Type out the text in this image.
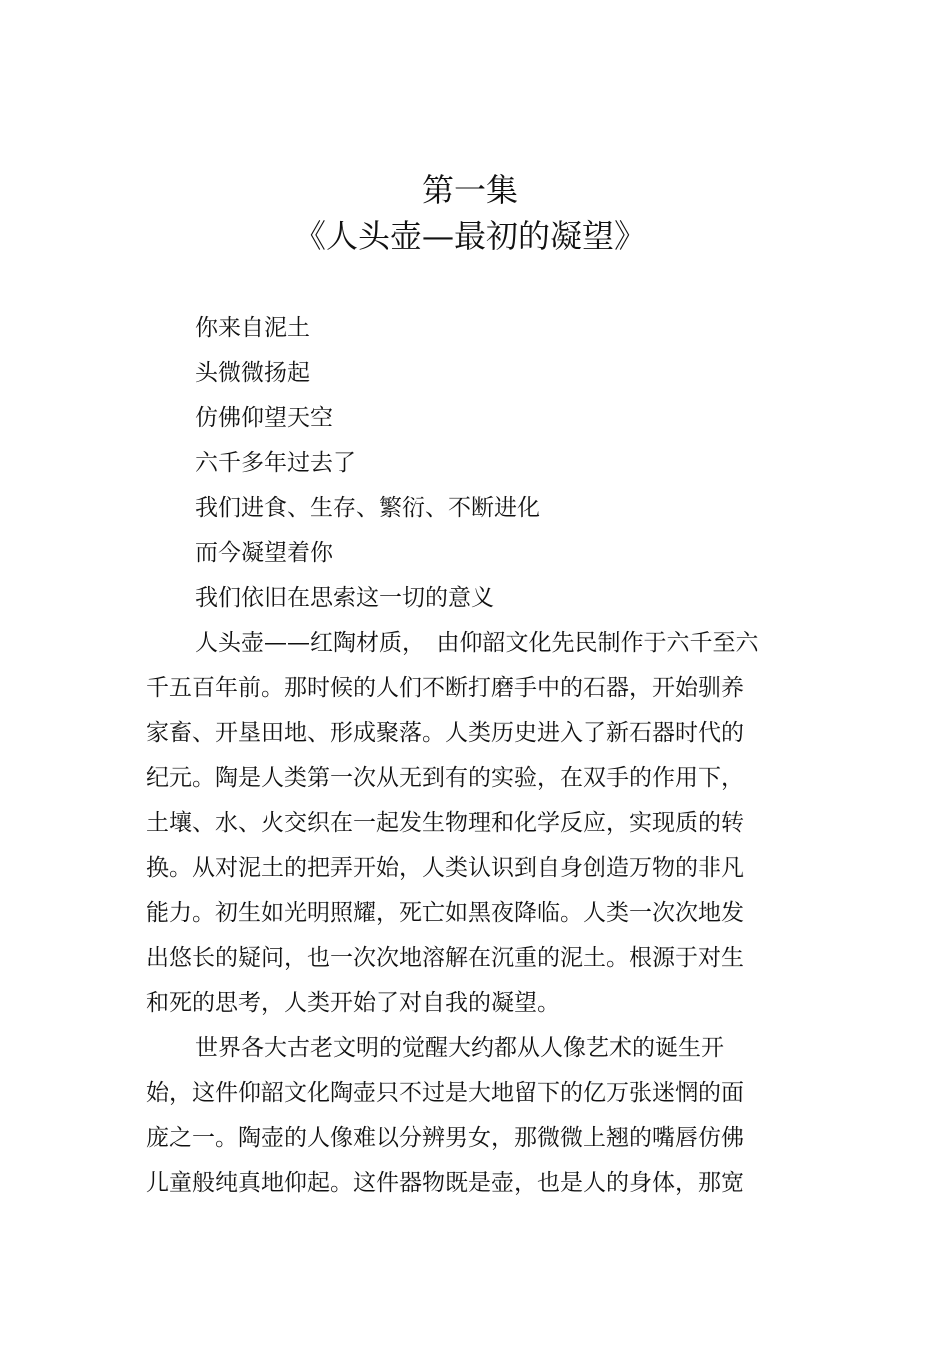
第一集
《人头壶—最初的凝望》
你来自泥土
头微微扬起
仿佛仰望天空
六千多年过去了
我们进食、生存、繁衍、不断进化
而今凝望着你
我们依旧在思索这一切的意义
人头壶——红陶材质，　由仰韶文化先民制作于六千至六
千五百年前。那时候的人们不断打磨手中的石器，开始驯养
家畜、开垦田地、形成聚落。人类历史进入了新石器时代的
纪元。陶是人类第一次从无到有的实验，在双手的作用下，
土壤、水、火交织在一起发生物理和化学反应，实现质的转
换。从对泥土的把弄开始，人类认识到自身创造万物的非凡
能力。初生如光明照耀，死亡如黑夜降临。人类一次次地发
出悠长的疑问，也一次次地溶解在沉重的泥土。根源于对生
和死的思考，人类开始了对自我的凝望。
世界各大古老文明的觉醒大约都从人像艺术的诞生开
始，这件仰韶文化陶壶只不过是大地留下的亿万张迷惘的面
庞之一。陶壶的人像难以分辨男女，那微微上翘的嘴唇仿佛
儿童般纯真地仰起。这件器物既是壶，也是人的身体，那宽
